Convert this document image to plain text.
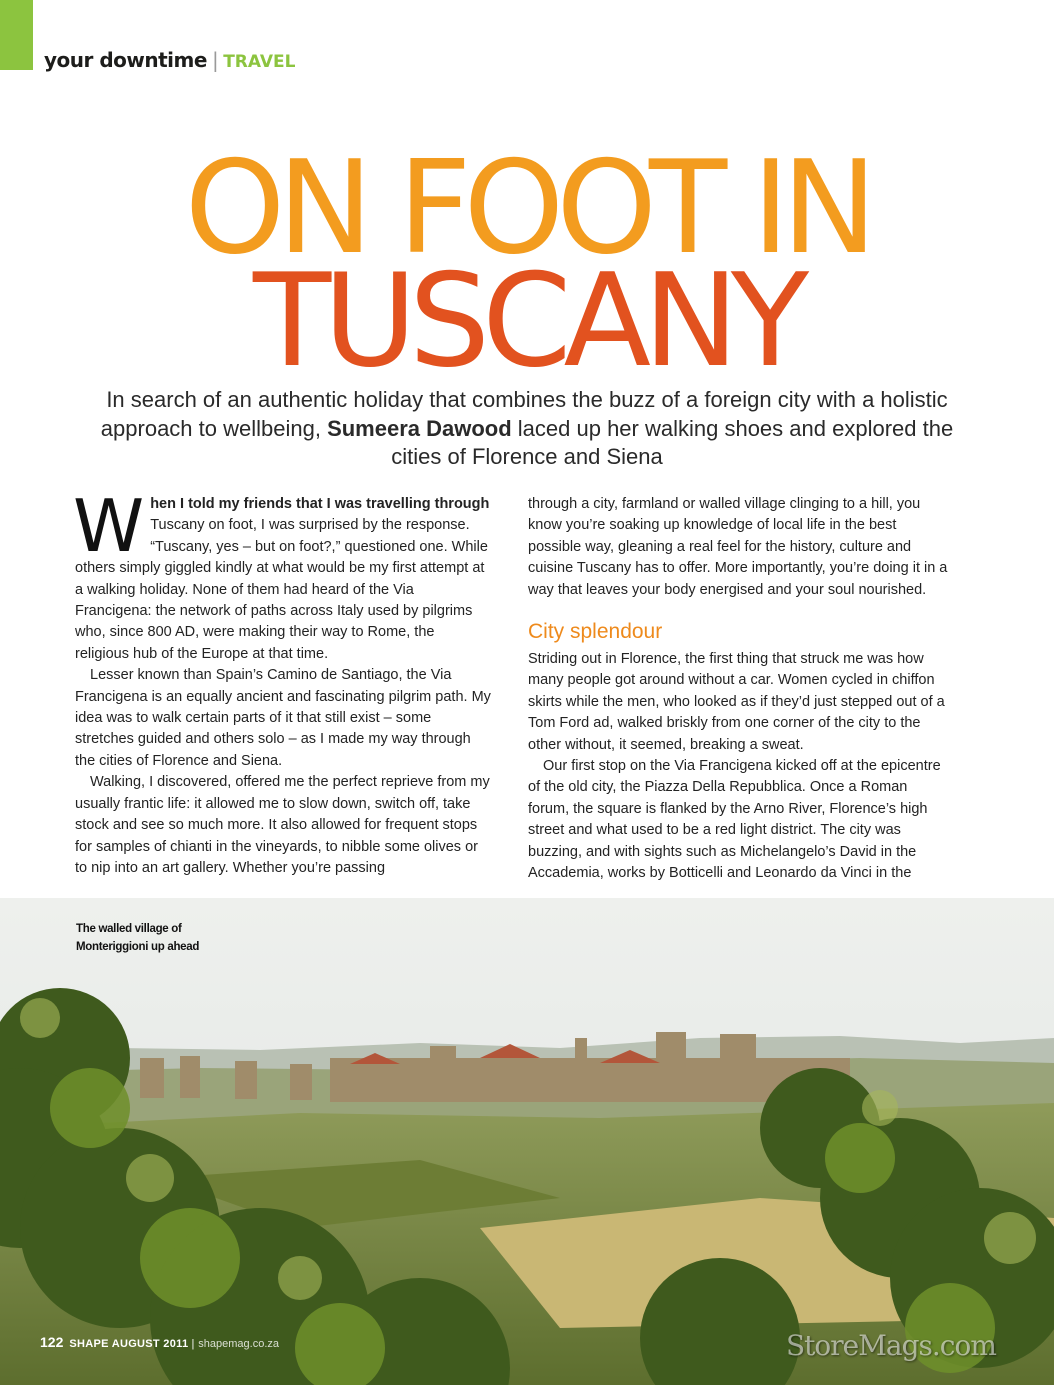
your downtime | TRAVEL
ON FOOT IN
TUSCANY
In search of an authentic holiday that combines the buzz of a foreign city with a holistic approach to wellbeing, Sumeera Dawood laced up her walking shoes and explored the cities of Florence and Siena

When I told my friends that I was travelling through Tuscany on foot, I was surprised by the response. “Tuscany, yes – but on foot?,” questioned one. While others simply giggled kindly at what would be my first attempt at a walking holiday. None of them had heard of the Via Francigena: the network of paths across Italy used by pilgrims who, since 800 AD, were making their way to Rome, the religious hub of the Europe at that time.

Lesser known than Spain’s Camino de Santiago, the Via Francigena is an equally ancient and fascinating pilgrim path. My idea was to walk certain parts of it that still exist – some stretches guided and others solo – as I made my way through the cities of Florence and Siena.

Walking, I discovered, offered me the perfect reprieve from my usually frantic life: it allowed me to slow down, switch off, take stock and see so much more. It also allowed for frequent stops for samples of chianti in the vineyards, to nibble some olives or to nip into an art gallery. Whether you’re passing

through a city, farmland or walled village clinging to a hill, you know you’re soaking up knowledge of local life in the best possible way, gleaning a real feel for the history, culture and cuisine Tuscany has to offer. More importantly, you’re doing it in a way that leaves your body energised and your soul nourished.

City splendour

Striding out in Florence, the first thing that struck me was how many people got around without a car. Women cycled in chiffon skirts while the men, who looked as if they’d just stepped out of a Tom Ford ad, walked briskly from one corner of the city to the other without, it seemed, breaking a sweat.

Our first stop on the Via Francigena kicked off at the epicentre of the old city, the Piazza Della Repubblica. Once a Roman forum, the square is flanked by the Arno River, Florence’s high street and what used to be a red light district. The city was buzzing, and with sights such as Michelangelo’s David in the Accademia, works by Botticelli and Leonardo da Vinci in the

The walled village of Monteriggioni up ahead
122 SHAPE AUGUST 2011 | shapemag.co.za	StoreMags.com
